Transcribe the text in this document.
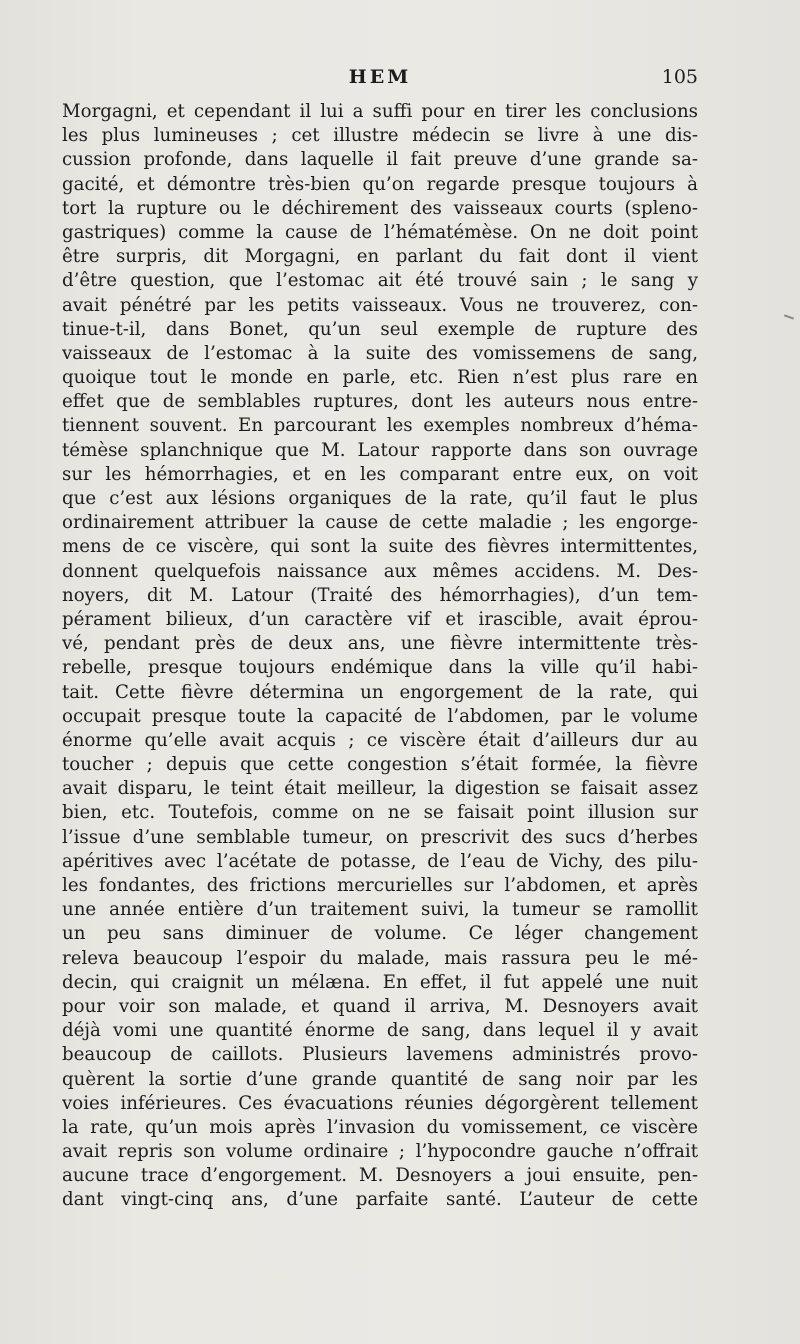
HEM	105
Morgagni, et cependant il lui a suffi pour en tirer les conclusions
les plus lumineuses ; cet illustre médecin se livre à une dis-
cussion profonde, dans laquelle il fait preuve d’une grande sa-
gacité, et démontre très-bien qu’on regarde presque toujours à
tort la rupture ou le déchirement des vaisseaux courts (spleno-
gastriques) comme la cause de l’hématémèse. On ne doit point
être surpris, dit Morgagni, en parlant du fait dont il vient
d’être question, que l’estomac ait été trouvé sain ; le sang y
avait pénétré par les petits vaisseaux. Vous ne trouverez, con-
tinue-t-il, dans Bonet, qu’un seul exemple de rupture des
vaisseaux de l’estomac à la suite des vomissemens de sang,
quoique tout le monde en parle, etc. Rien n’est plus rare en
effet que de semblables ruptures, dont les auteurs nous entre-
tiennent souvent. En parcourant les exemples nombreux d’héma-
témèse splanchnique que M. Latour rapporte dans son ouvrage
sur les hémorrhagies, et en les comparant entre eux, on voit
que c’est aux lésions organiques de la rate, qu’il faut le plus
ordinairement attribuer la cause de cette maladie ; les engorge-
mens de ce viscère, qui sont la suite des fièvres intermittentes,
donnent quelquefois naissance aux mêmes accidens. M. Des-
noyers, dit M. Latour (Traité des hémorrhagies), d’un tem-
pérament bilieux, d’un caractère vif et irascible, avait éprou-
vé, pendant près de deux ans, une fièvre intermittente très-
rebelle, presque toujours endémique dans la ville qu’il habi-
tait. Cette fièvre détermina un engorgement de la rate, qui
occupait presque toute la capacité de l’abdomen, par le volume
énorme qu’elle avait acquis ; ce viscère était d’ailleurs dur au
toucher ; depuis que cette congestion s’était formée, la fièvre
avait disparu, le teint était meilleur, la digestion se faisait assez
bien, etc. Toutefois, comme on ne se faisait point illusion sur
l’issue d’une semblable tumeur, on prescrivit des sucs d’herbes
apéritives avec l’acétate de potasse, de l’eau de Vichy, des pilu-
les fondantes, des frictions mercurielles sur l’abdomen, et après
une année entière d’un traitement suivi, la tumeur se ramollit
un peu sans diminuer de volume. Ce léger changement
releva beaucoup l’espoir du malade, mais rassura peu le mé-
decin, qui craignit un mélæna. En effet, il fut appelé une nuit
pour voir son malade, et quand il arriva, M. Desnoyers avait
déjà vomi une quantité énorme de sang, dans lequel il y avait
beaucoup de caillots. Plusieurs lavemens administrés provo-
quèrent la sortie d’une grande quantité de sang noir par les
voies inférieures. Ces évacuations réunies dégorgèrent tellement
la rate, qu’un mois après l’invasion du vomissement, ce viscère
avait repris son volume ordinaire ; l’hypocondre gauche n’offrait
aucune trace d’engorgement. M. Desnoyers a joui ensuite, pen-
dant vingt-cinq ans, d’une parfaite santé. L’auteur de cette
